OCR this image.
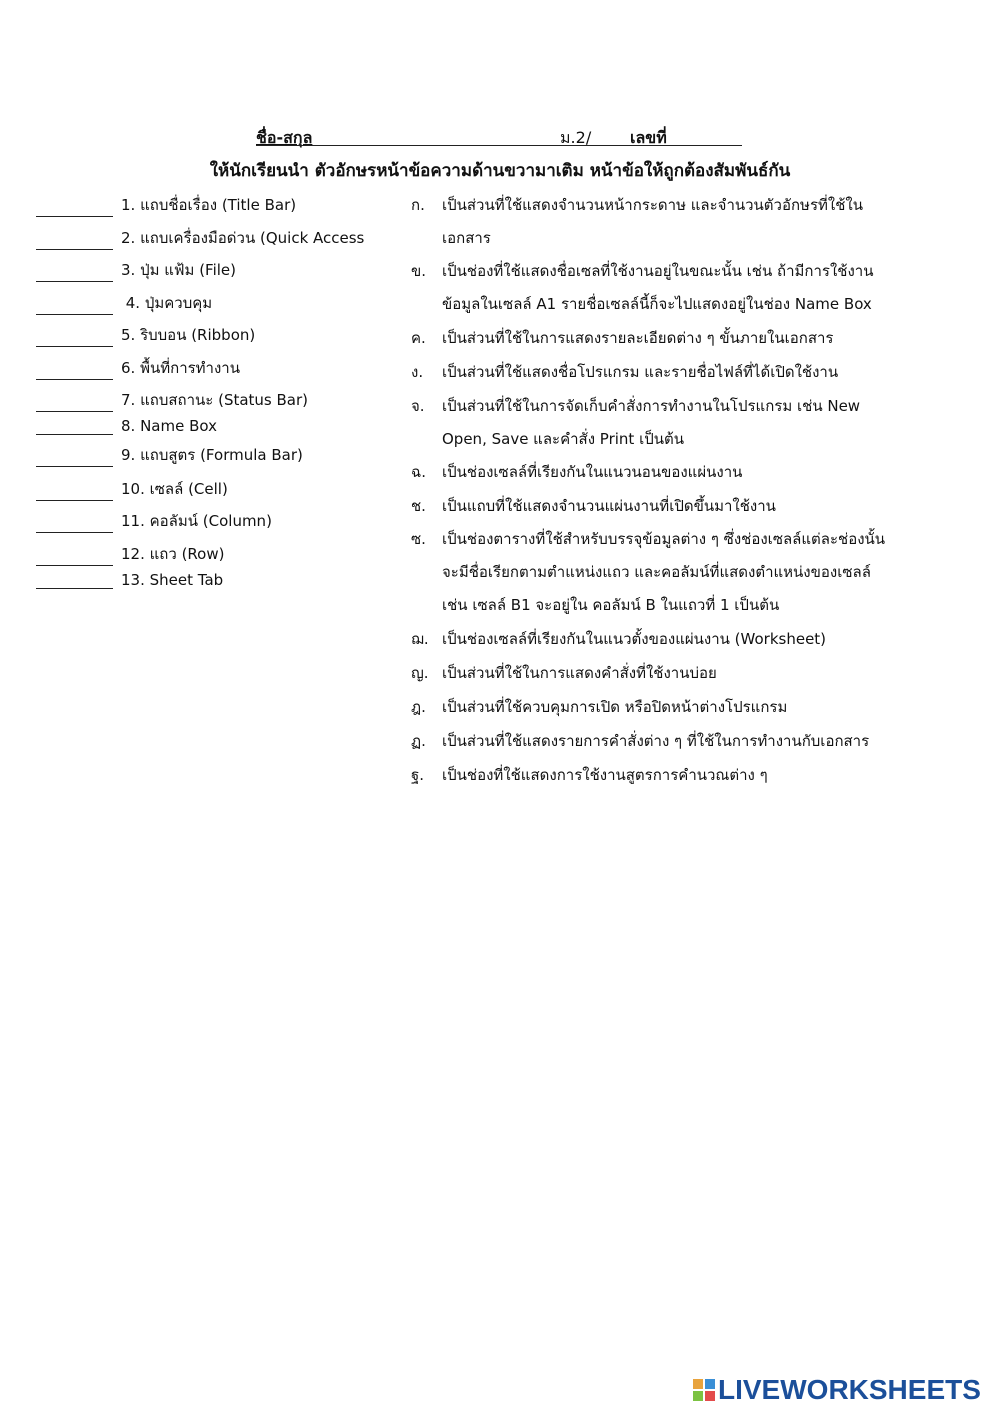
ชื่อ-สกุล	ม.2/ เลขที่
ให้นักเรียนนำ ตัวอักษรหน้าข้อความด้านขวามาเติม หน้าข้อให้ถูกต้องสัมพันธ์กัน
1. แถบชื่อเรื่อง (Title Bar)
2. แถบเครื่องมือด่วน (Quick Access
3. ปุ่ม แฟ้ม (File)
4. ปุ่มควบคุม
5. ริบบอน (Ribbon)
6. พื้นที่การทำงาน
7. แถบสถานะ (Status Bar)
8. Name Box
9. แถบสูตร (Formula Bar)
10. เซลล์ (Cell)
11. คอลัมน์ (Column)
12. แถว (Row)
13. Sheet Tab
ก. เป็นส่วนที่ใช้แสดงจำนวนหน้ากระดาษ และจำนวนตัวอักษรที่ใช้ใน
เอกสาร
ข. เป็นช่องที่ใช้แสดงชื่อเซลที่ใช้งานอยู่ในขณะนั้น เช่น ถ้ามีการใช้งาน
ข้อมูลในเซลล์ A1 รายชื่อเซลล์นี้ก็จะไปแสดงอยู่ในช่อง Name Box
ค. เป็นส่วนที่ใช้ในการแสดงรายละเอียดต่าง ๆ ขั้นภายในเอกสาร
ง. เป็นส่วนที่ใช้แสดงชื่อโปรแกรม และรายชื่อไฟล์ที่ได้เปิดใช้งาน
จ. เป็นส่วนที่ใช้ในการจัดเก็บคำสั่งการทำงานในโปรแกรม เช่น New
Open, Save และคำสั่ง Print เป็นต้น
ฉ. เป็นช่องเซลล์ที่เรียงกันในแนวนอนของแผ่นงาน
ช. เป็นแถบที่ใช้แสดงจำนวนแผ่นงานที่เปิดขึ้นมาใช้งาน
ซ. เป็นช่องตารางที่ใช้สำหรับบรรจุข้อมูลต่าง ๆ ซึ่งช่องเซลล์แต่ละช่องนั้น
จะมีชื่อเรียกตามตำแหน่งแถว และคอลัมน์ที่แสดงตำแหน่งของเซลล์
เช่น เซลล์ B1 จะอยู่ใน คอลัมน์ B ในแถวที่ 1 เป็นต้น
ฌ. เป็นช่องเซลล์ที่เรียงกันในแนวตั้งของแผ่นงาน (Worksheet)
ญ. เป็นส่วนที่ใช้ในการแสดงคำสั่งที่ใช้งานบ่อย
ฎ. เป็นส่วนที่ใช้ควบคุมการเปิด หรือปิดหน้าต่างโปรแกรม
ฏ. เป็นส่วนที่ใช้แสดงรายการคำสั่งต่าง ๆ ที่ใช้ในการทำงานกับเอกสาร
ฐ. เป็นช่องที่ใช้แสดงการใช้งานสูตรการคำนวณต่าง ๆ
LIVEWORKSHEETS
